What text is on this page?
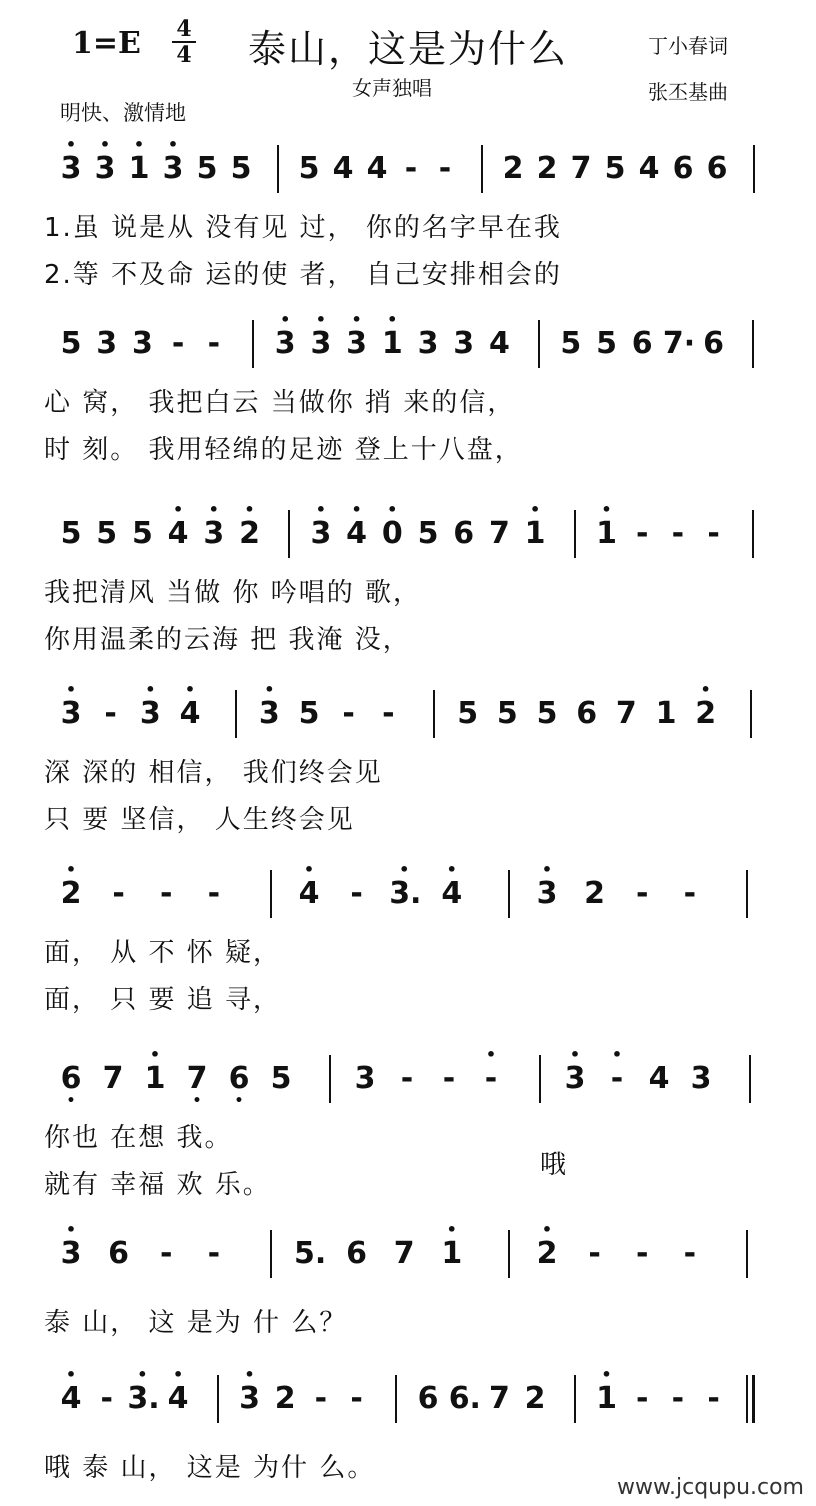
1=E 4
4 泰山，这是为什么	丁小春词
女声独唱	张丕基曲
明快、激情地
• 3 • 3 • 1 • 3 5 5 5 4 4 - - 2 2 7 5 4 6 6
1.虽 说是从 没有见 过， 你的名字早在我
2.等 不及命 运的使 者， 自己安排相会的
5 3 3 - - • 3 • 3 • 3 • 1 3 3 4 5 5 6 7· 6
心 窝， 我把白云 当做你 捎 来的信，
时 刻。 我用轻绵的足迹 登上十八盘，
5 5 5 • 4 • 3 • 2 • 3 • 4 • 0 5 6 7 • 1 • 1 - - -
我把清风 当做 你 吟唱的 歌，
你用温柔的云海 把 我淹 没，
• 3 - • 3 • 4 • 3 5 - - 5 5 5 6 7 1 • 2
深 深的 相信， 我们终会见
只 要 坚信， 人生终会见
• 2 - - -	• 4 - • 3. • 4 • 3 2 - -
面， 从 不 怀 疑，
面， 只 要 追 寻，
6 • 7 • 1 7 • 6 • 5 3 - - • - • 3 • - 4 3
你也 在想 我。
就有 幸福 欢 乐。
哦
• 3 6 - - 5. 6 7 • 1 • 2 - - -
泰 山， 这 是为 什 么？
• 4 - • 3. • 4 • 3 2 - - 6 6. 7 2 • 1 - - -
哦 泰 山， 这是 为什 么。
www.jcqupu.com
